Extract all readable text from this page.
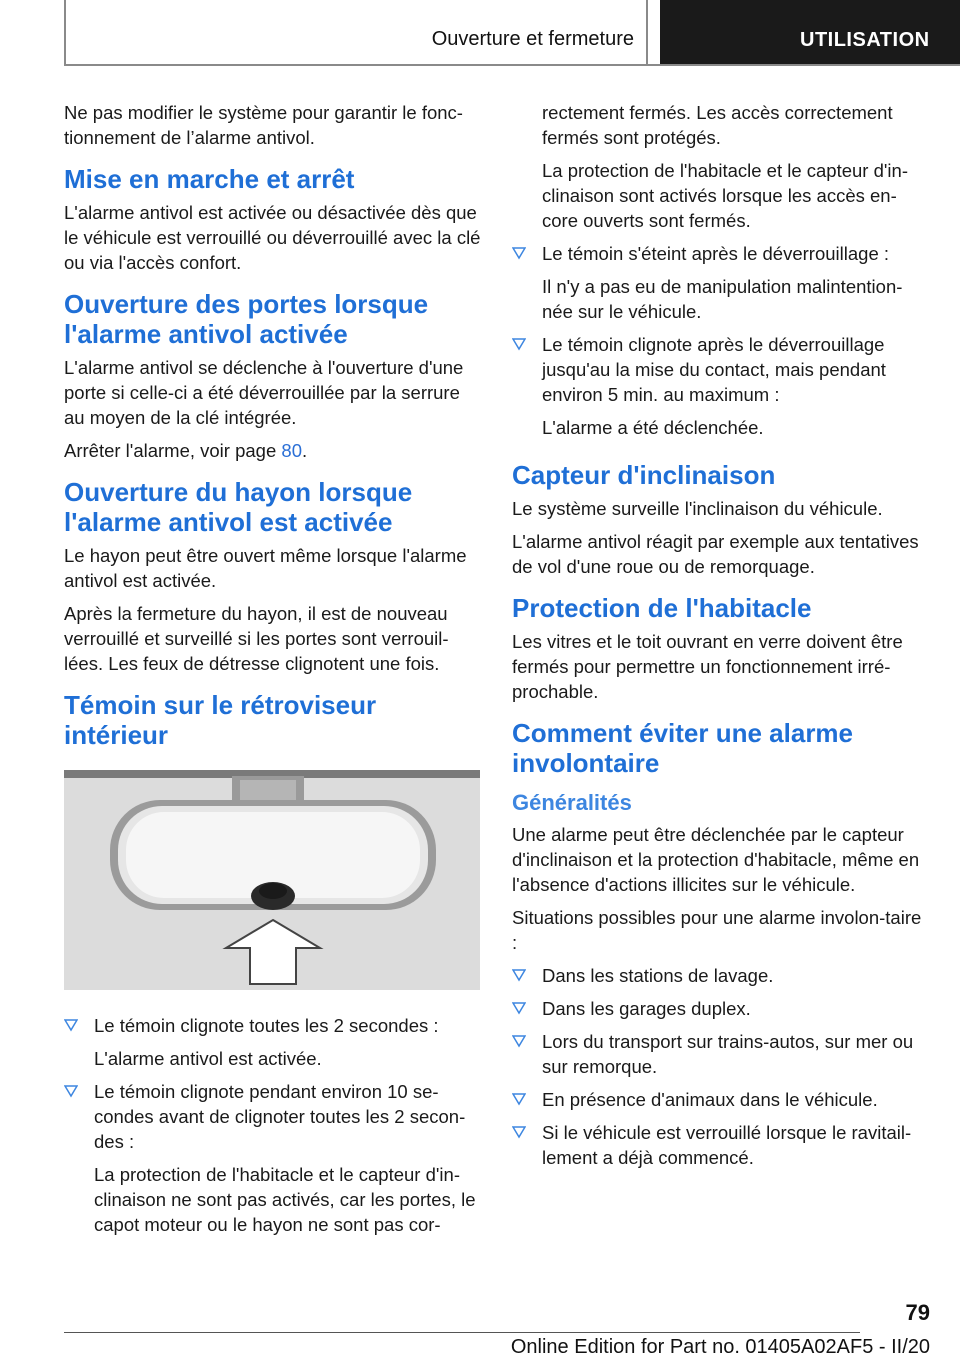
Ouverture et fermeture	UTILISATION

Ne pas modifier le système pour garantir le fonc-tionnement de l’alarme antivol.

Mise en marche et arrêt

L'alarme antivol est activée ou désactivée dès que le véhicule est verrouillé ou déverrouillé avec la clé ou via l'accès confort.

Ouverture des portes lorsque l'alarme antivol activée

L'alarme antivol se déclenche à l'ouverture d'une porte si celle-ci a été déverrouillée par la serrure au moyen de la clé intégrée.

Arrêter l'alarme, voir page 80.

Ouverture du hayon lorsque l'alarme antivol est activée

Le hayon peut être ouvert même lorsque l'alarme antivol est activée.

Après la fermeture du hayon, il est de nouveau verrouillé et surveillé si les portes sont verrouil-lées. Les feux de détresse clignotent une fois.

Témoin sur le rétroviseur intérieur
Le témoin clignote toutes les 2 secondes :

L'alarme antivol est activée.

Le témoin clignote pendant environ 10 se-condes avant de clignoter toutes les 2 secon-des :

La protection de l'habitacle et le capteur d'in-clinaison ne sont pas activés, car les portes, le capot moteur ou le hayon ne sont pas cor-

rectement fermés. Les accès correctement fermés sont protégés.

La protection de l'habitacle et le capteur d'in-clinaison sont activés lorsque les accès en-core ouverts sont fermés.

Le témoin s'éteint après le déverrouillage :

Il n'y a pas eu de manipulation malintention-née sur le véhicule.

Le témoin clignote après le déverrouillage jusqu'au la mise du contact, mais pendant environ 5 min. au maximum :

L'alarme a été déclenchée.

Capteur d'inclinaison

Le système surveille l'inclinaison du véhicule.

L'alarme antivol réagit par exemple aux tentatives de vol d'une roue ou de remorquage.

Protection de l'habitacle

Les vitres et le toit ouvrant en verre doivent être fermés pour permettre un fonctionnement irré-prochable.

Comment éviter une alarme involontaire
Généralités

Une alarme peut être déclenchée par le capteur d'inclinaison et la protection d'habitacle, même en l'absence d'actions illicites sur le véhicule.

Situations possibles pour une alarme involon-taire :

Dans les stations de lavage.
Dans les garages duplex.
Lors du transport sur trains-autos, sur mer ou sur remorque.
En présence d'animaux dans le véhicule.
Si le véhicule est verrouillé lorsque le ravitail-lement a déjà commencé.
79
Online Edition for Part no. 01405A02AF5 - II/20
